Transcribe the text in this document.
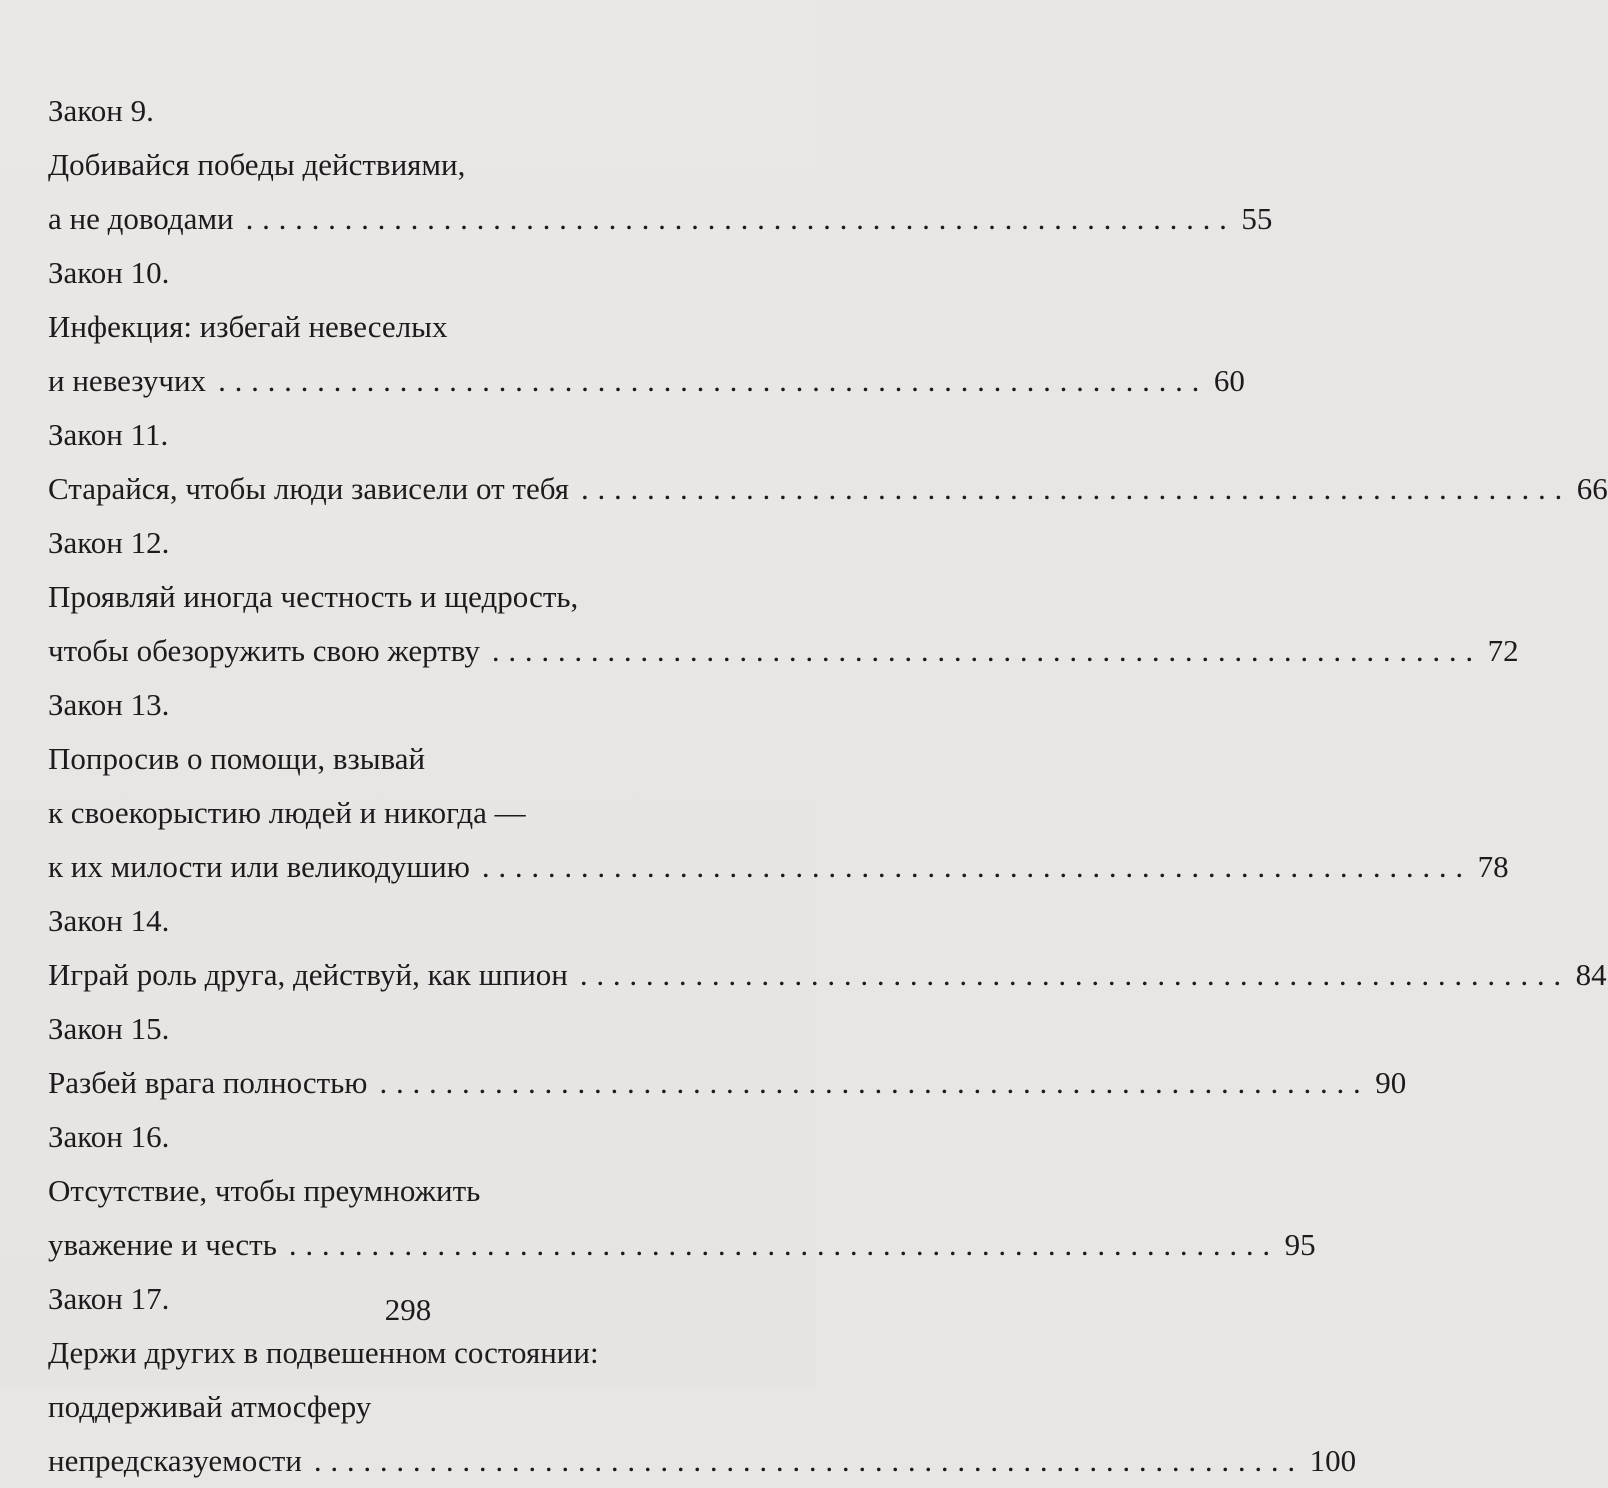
Закон 9.
Добивайся победы действиями,
а не доводами . . . . . . . . . . . . . . . . . . . . . . . . . . . . . . . . . . . . . . . . . . . . . . . . . . . . . . . . . . . . 55
Закон 10.
Инфекция: избегай невеселых
и невезучих . . . . . . . . . . . . . . . . . . . . . . . . . . . . . . . . . . . . . . . . . . . . . . . . . . . . . . . . . . . . 60
Закон 11.
Старайся, чтобы люди зависели от тебя . . . . . . . . . . . . . . . . . . . . . . . . . . . . . . . . . . . . . . . . . . . . . . . . . . . . . . . . . . . . 66
Закон 12.
Проявляй иногда честность и щедрость,
чтобы обезоружить свою жертву . . . . . . . . . . . . . . . . . . . . . . . . . . . . . . . . . . . . . . . . . . . . . . . . . . . . . . . . . . . . 72
Закон 13.
Попросив о помощи, взывай
к своекорыстию людей и никогда —
к их милости или великодушию . . . . . . . . . . . . . . . . . . . . . . . . . . . . . . . . . . . . . . . . . . . . . . . . . . . . . . . . . . . . 78
Закон 14.
Играй роль друга, действуй, как шпион . . . . . . . . . . . . . . . . . . . . . . . . . . . . . . . . . . . . . . . . . . . . . . . . . . . . . . . . . . . . 84
Закон 15.
Разбей врага полностью . . . . . . . . . . . . . . . . . . . . . . . . . . . . . . . . . . . . . . . . . . . . . . . . . . . . . . . . . . . . 90
Закон 16.
Отсутствие, чтобы преумножить
уважение и честь . . . . . . . . . . . . . . . . . . . . . . . . . . . . . . . . . . . . . . . . . . . . . . . . . . . . . . . . . . . . 95
Закон 17.
Держи других в подвешенном состоянии:
поддерживай атмосферу
непредсказуемости . . . . . . . . . . . . . . . . . . . . . . . . . . . . . . . . . . . . . . . . . . . . . . . . . . . . . . . . . . . . 100
298
